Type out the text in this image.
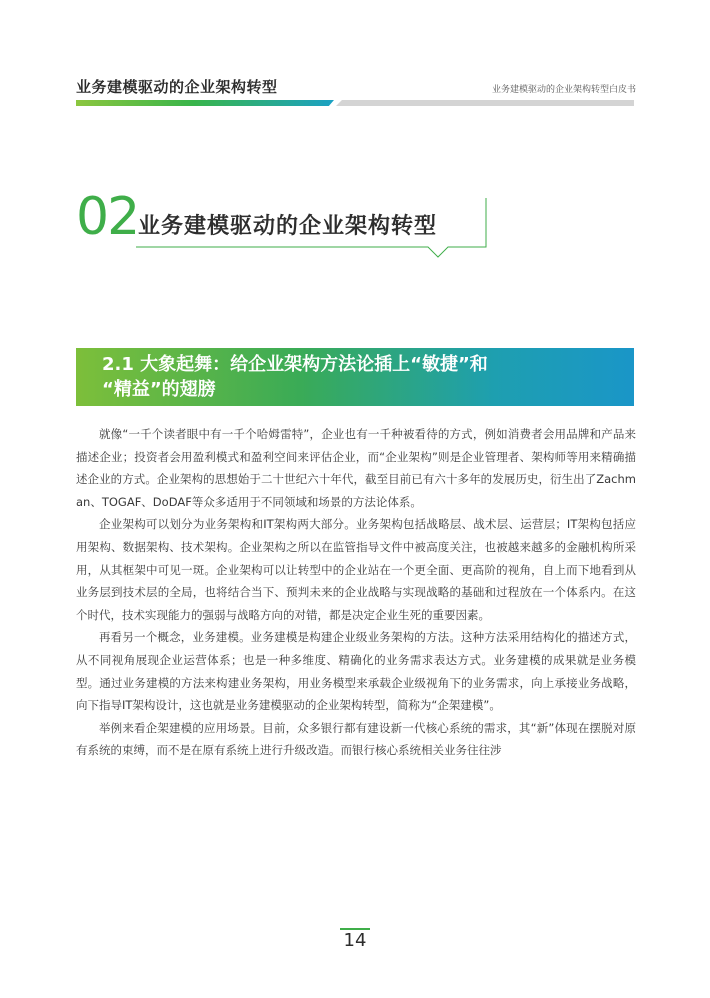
业务建模驱动的企业架构转型	业务建模驱动的企业架构转型白皮书
02 业务建模驱动的企业架构转型
2.1 大象起舞：给企业架构方法论插上“敏捷”和
“精益”的翅膀

就像“一千个读者眼中有一千个哈姆雷特”，企业也有一千种被看待的方式，例如消费者会用品牌和产品来描述企业；投资者会用盈利模式和盈利空间来评估企业，而“企业架构”则是企业管理者、架构师等用来精确描述企业的方式。企业架构的思想始于二十世纪六十年代，截至目前已有六十多年的发展历史，衍生出了Zachman、TOGAF、DoDAF等众多适用于不同领域和场景的方法论体系。

企业架构可以划分为业务架构和IT架构两大部分。业务架构包括战略层、战术层、运营层；IT架构包括应用架构、数据架构、技术架构。企业架构之所以在监管指导文件中被高度关注，也被越来越多的金融机构所采用，从其框架中可见一斑。企业架构可以让转型中的企业站在一个更全面、更高阶的视角，自上而下地看到从业务层到技术层的全局，也将结合当下、预判未来的企业战略与实现战略的基础和过程放在一个体系内。在这个时代，技术实现能力的强弱与战略方向的对错，都是决定企业生死的重要因素。

再看另一个概念，业务建模。业务建模是构建企业级业务架构的方法。这种方法采用结构化的描述方式，从不同视角展现企业运营体系；也是一种多维度、精确化的业务需求表达方式。业务建模的成果就是业务模型。通过业务建模的方法来构建业务架构，用业务模型来承载企业级视角下的业务需求，向上承接业务战略，向下指导IT架构设计，这也就是业务建模驱动的企业架构转型，简称为“企架建模”。

举例来看企架建模的应用场景。目前，众多银行都有建设新一代核心系统的需求，其“新”体现在摆脱对原有系统的束缚，而不是在原有系统上进行升级改造。而银行核心系统相关业务往往涉

14
